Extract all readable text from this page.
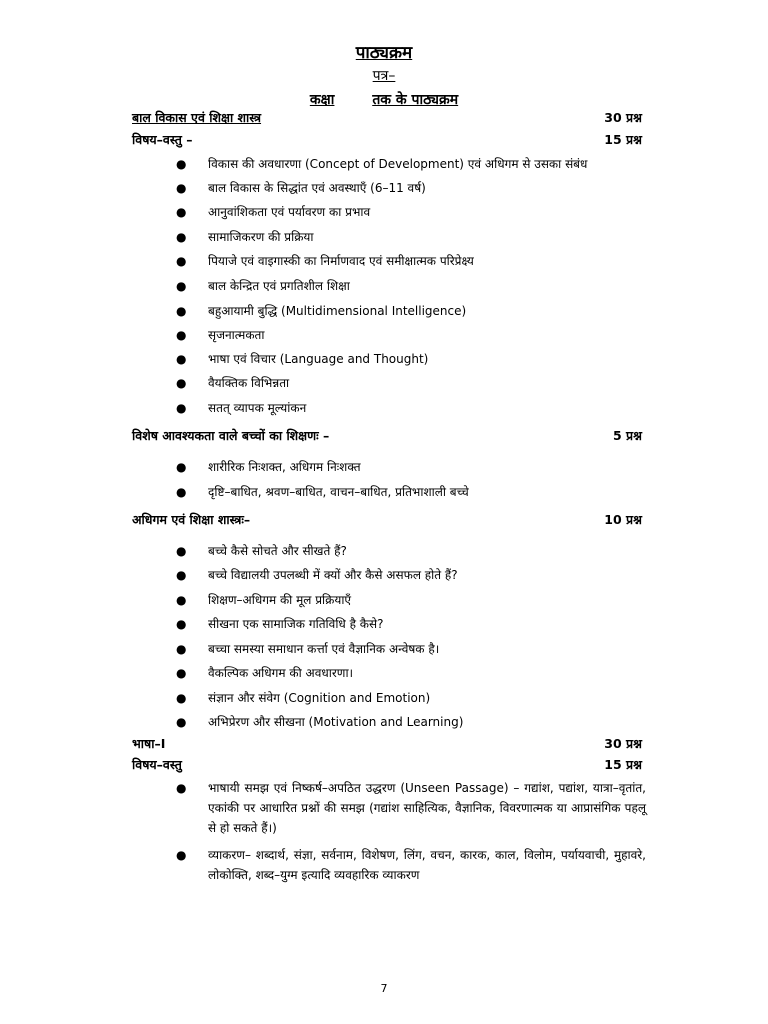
पाठ्यक्रम
पत्र–
कक्षा	तक के पाठ्यक्रम
बाल विकास एवं शिक्षा शास्त्र	30 प्रश्न
विषय–वस्तु –	15 प्रश्न
● विकास की अवधारणा (Concept of Development) एवं अधिगम से उसका संबंध
● बाल विकास के सिद्धांत एवं अवस्थाएँ (6–11 वर्ष)
● आनुवांशिकता एवं पर्यावरण का प्रभाव
● सामाजिकरण की प्रक्रिया
● पियाजे एवं वाइगास्की का निर्माणवाद एवं समीक्षात्मक परिप्रेक्ष्य
● बाल केन्द्रित एवं प्रगतिशील शिक्षा
● बहुआयामी बुद्धि (Multidimensional Intelligence)
● सृजनात्मकता
● भाषा एवं विचार (Language and Thought)
● वैयक्तिक विभिन्नता
● सतत् व्यापक मूल्यांकन
विशेष आवश्यकता वाले बच्चों का शिक्षणः –	5 प्रश्न
● शारीरिक निःशक्त, अधिगम निःशक्त
● दृष्टि–बाधित, श्रवण–बाधित, वाचन–बाधित, प्रतिभाशाली बच्चे
अधिगम एवं शिक्षा शास्त्रः–	10 प्रश्न
● बच्चे कैसे सोचते और सीखते हैं?
● बच्चे विद्यालयी उपलब्धी में क्यों और कैसे असफल होते हैं?
● शिक्षण–अधिगम की मूल प्रक्रियाएँ
● सीखना एक सामाजिक गतिविधि है कैसे?
● बच्चा समस्या समाधान कर्त्ता एवं वैज्ञानिक अन्वेषक है।
● वैकल्पिक अधिगम की अवधारणा।
● संज्ञान और संवेग (Cognition and Emotion)
● अभिप्रेरण और सीखना (Motivation and Learning)
भाषा–I	30 प्रश्न
विषय–वस्तु	15 प्रश्न
● भाषायी समझ एवं निष्कर्ष–अपठित उद्धरण (Unseen Passage) – गद्यांश, पद्यांश, यात्रा–वृतांत, एकांकी पर आधारित प्रश्नों की समझ (गद्यांश साहित्यिक, वैज्ञानिक, विवरणात्मक या आप्रासंगिक पहलू से हो सकते हैं।)
● व्याकरण– शब्दार्थ, संज्ञा, सर्वनाम, विशेषण, लिंग, वचन, कारक, काल, विलोम, पर्यायवाची, मुहावरे, लोकोक्ति, शब्द–युग्म इत्यादि व्यवहारिक व्याकरण
7
